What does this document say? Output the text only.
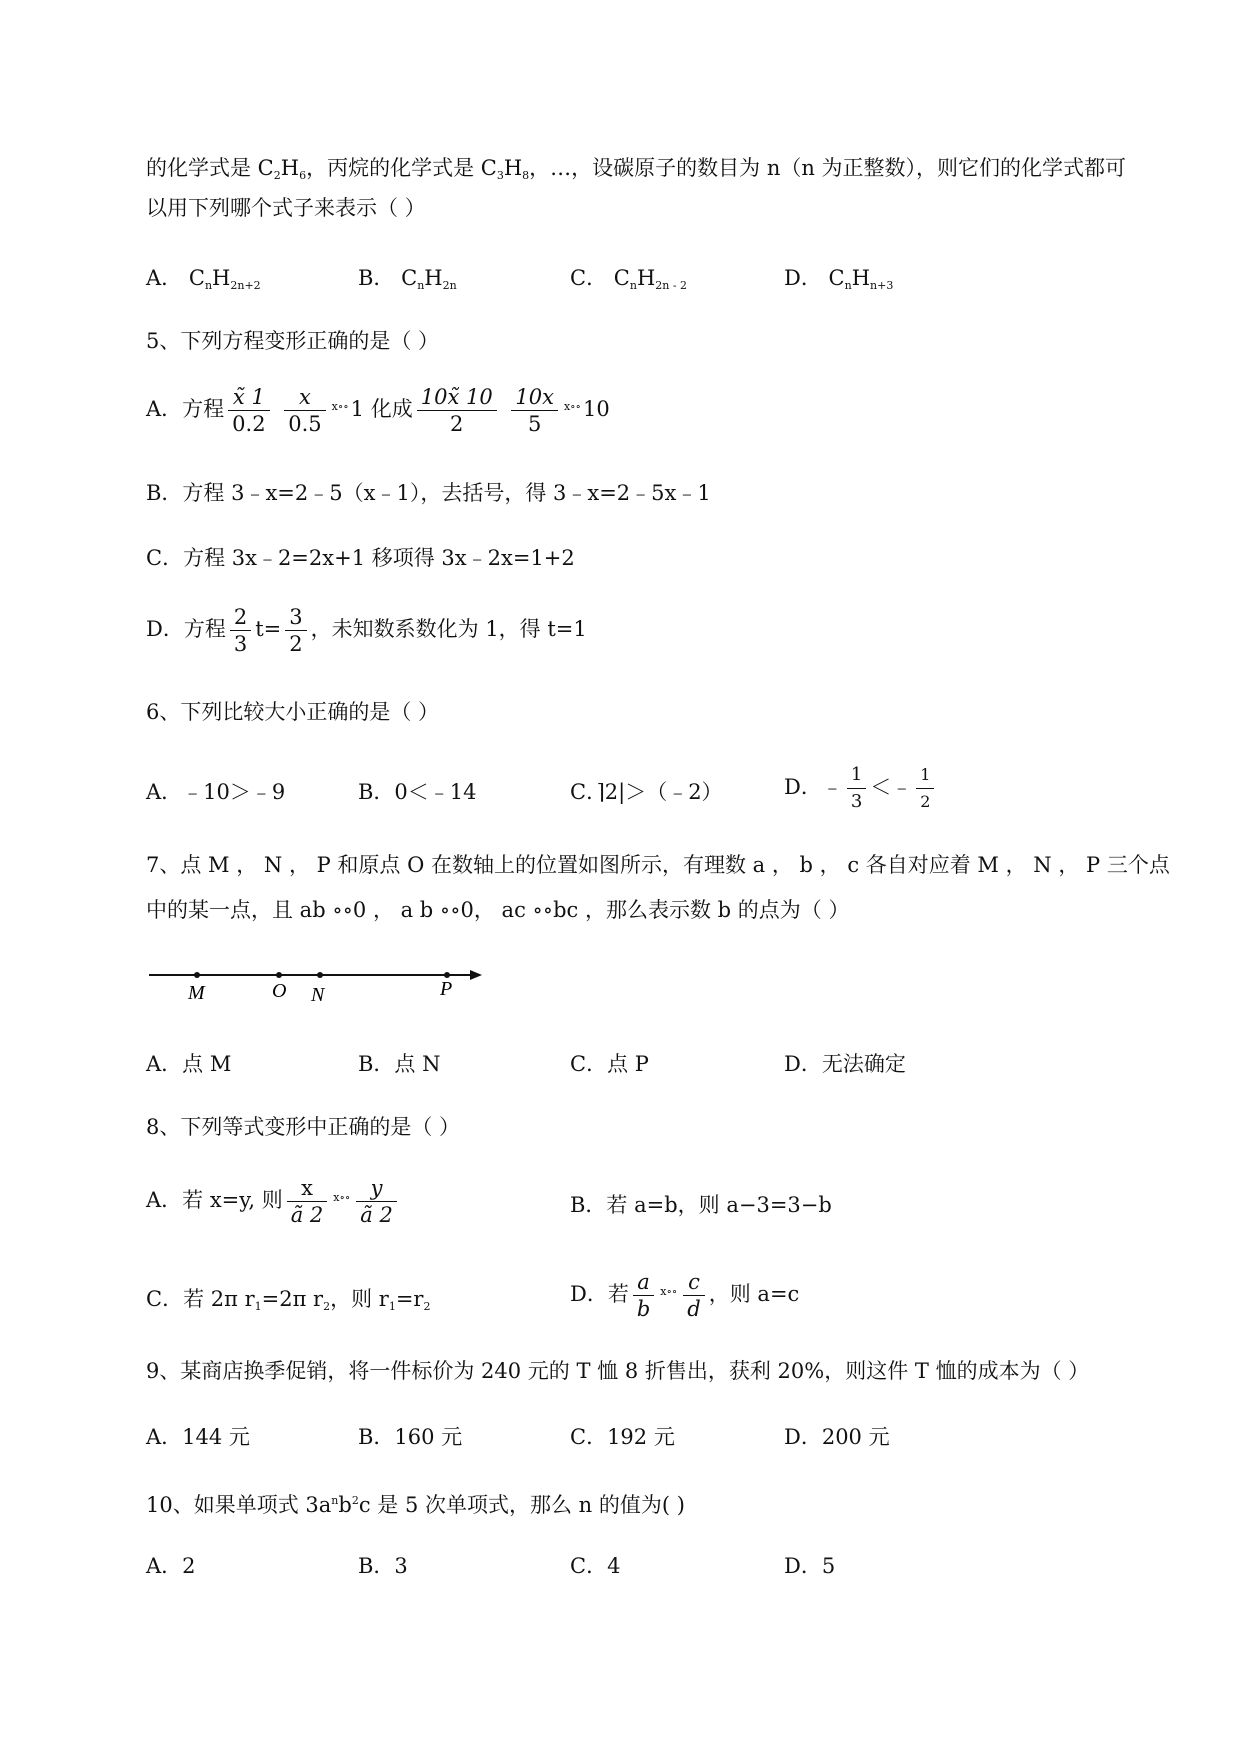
的化学式是 $C_2H_6$，丙烷的化学式是 $C_3H_8$，…，设碳原子的数目为 n（n 为正整数），则它们的化学式都可
以用下列哪个式子来表示（ ）
A． $C_nH_{2n+2}$	B． $C_nH_{2n}$	C． $C_nH_{2n - 2}$	D． $C_nH_{n+3}$
5、下列方程变形正确的是（ ）
A．方程 $\frac{x̃ 1}{0.2}$
$\frac{x}{0.5} ^{x\circ\circ}1$ 化成 $\frac{10x̃ 10}{2}$
$\frac{10x}{5} ^{x\circ\circ}10$
B．方程 3﹣x=2﹣5（x﹣1），去括号，得 3﹣x=2﹣5x﹣1
C．方程 3x﹣2=2x+1 移项得 3x﹣2x=1+2
D．方程 $\frac{2}{3} t= \frac{3}{2}$ ，未知数系数化为 1，得 t=1
6、下列比较大小正确的是（ ）
A．﹣10＞﹣9	B．0＜﹣14	C．⌉2|＞（﹣2）	D．﹣ $\frac{1}{3}$ ＜﹣ $\frac{1}{2}$
7、点 M ， N ， P 和原点 O 在数轴上的位置如图所示，有理数 a ， b ， c 各自对应着 M ， N ， P 三个点
中的某一点，且 ab ∘∘0 ， a b ∘∘0， ac ∘∘bc ，那么表示数 b 的点为（ ）
M	O N	P
A．点 M	B．点 N	C．点 P	D．无法确定
8、下列等式变形中正确的是（ ）
A．若 x=y, 则 $\frac{x}{ã 2} ^{x\circ\circ} \frac{y}{ã 2}$	B．若 a=b，则 a−3=3−b
C．若 2π $r_1=2\pi$ $r_2$，则 $r_1=r_2$
D．若 $\frac{a}{b} ^{x\circ\circ} \frac{c}{d}$ ，则 a=c
9、某商店换季促销，将一件标价为 240 元的 T 恤 8 折售出，获利 20%，则这件 T 恤的成本为（ ）
A．144 元	B．160 元	C．192 元	D．200 元
10、如果单项式 $3a^nb^2c$ 是 5 次单项式，那么 n 的值为( )
A．2	B．3	C．4	D．5
